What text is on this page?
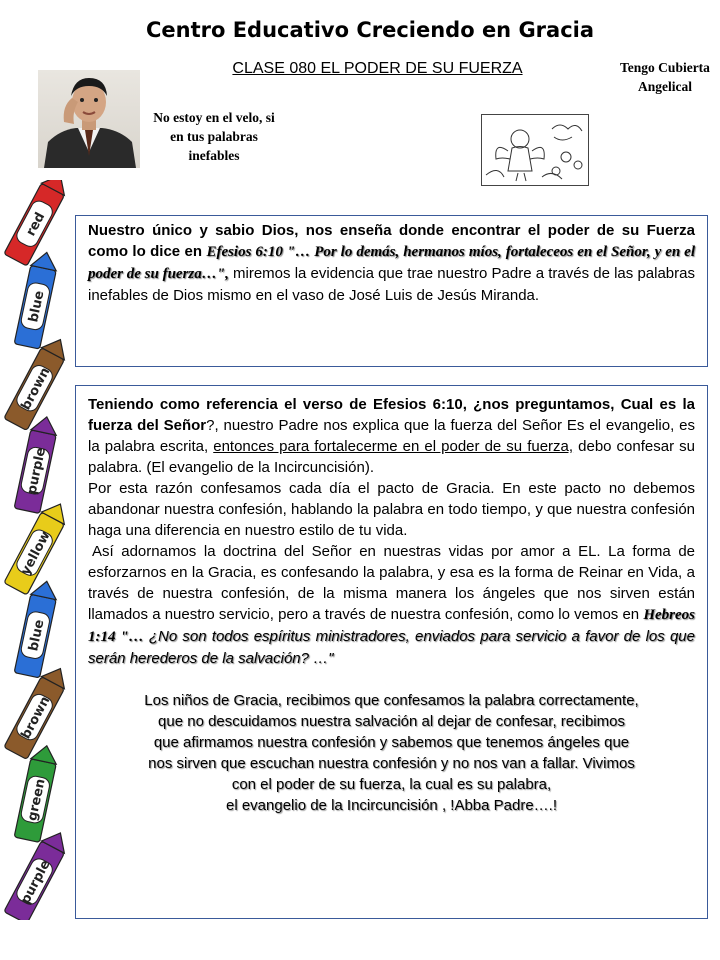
Centro Educativo Creciendo en Gracia
CLASE 080 EL PODER DE SU FUERZA
No estoy en el velo, si en tus palabras inefables
Tengo Cubierta Angelical
red
blue
brown
purple
yellow
blue
brown
green
purple

Nuestro único y sabio Dios, nos enseña donde encontrar el poder de su Fuerza como lo dice en Efesios 6:10 "… Por lo demás, hermanos míos, fortaleceos en el Señor, y en el poder de su fuerza…", miremos la evidencia que trae nuestro Padre a través de las palabras inefables de Dios mismo en el vaso de José Luis de Jesús Miranda.

Teniendo como referencia el verso de Efesios 6:10, ¿nos preguntamos, Cual es la fuerza del Señor?, nuestro Padre nos explica que la fuerza del Señor Es el evangelio, es la palabra escrita, entonces para fortalecerme en el poder de su fuerza, debo confesar su palabra. (El evangelio de la Incircuncisión).

Por esta razón confesamos cada día el pacto de Gracia. En este pacto no debemos abandonar nuestra confesión, hablando la palabra en todo tiempo, y que nuestra confesión haga una diferencia en nuestro estilo de tu vida.

Así adornamos la doctrina del Señor en nuestras vidas por amor a EL. La forma de esforzarnos en la Gracia, es confesando la palabra, y esa es la forma de Reinar en Vida, a través de nuestra confesión, de la misma manera los ángeles que nos sirven están llamados a nuestro servicio, pero a través de nuestra confesión, como lo vemos en Hebreos 1:14 "… ¿No son todos espíritus ministradores, enviados para servicio a favor de los que serán herederos de la salvación? …"

Los niños de Gracia, recibimos que confesamos la palabra correctamente,
que no descuidamos nuestra salvación al dejar de confesar, recibimos
que afirmamos nuestra confesión y sabemos que tenemos ángeles que
nos sirven que escuchan nuestra confesión y no nos van a fallar. Vivimos
con el poder de su fuerza, la cual es su palabra,
el evangelio de la Incircuncisión , !Abba Padre….!
